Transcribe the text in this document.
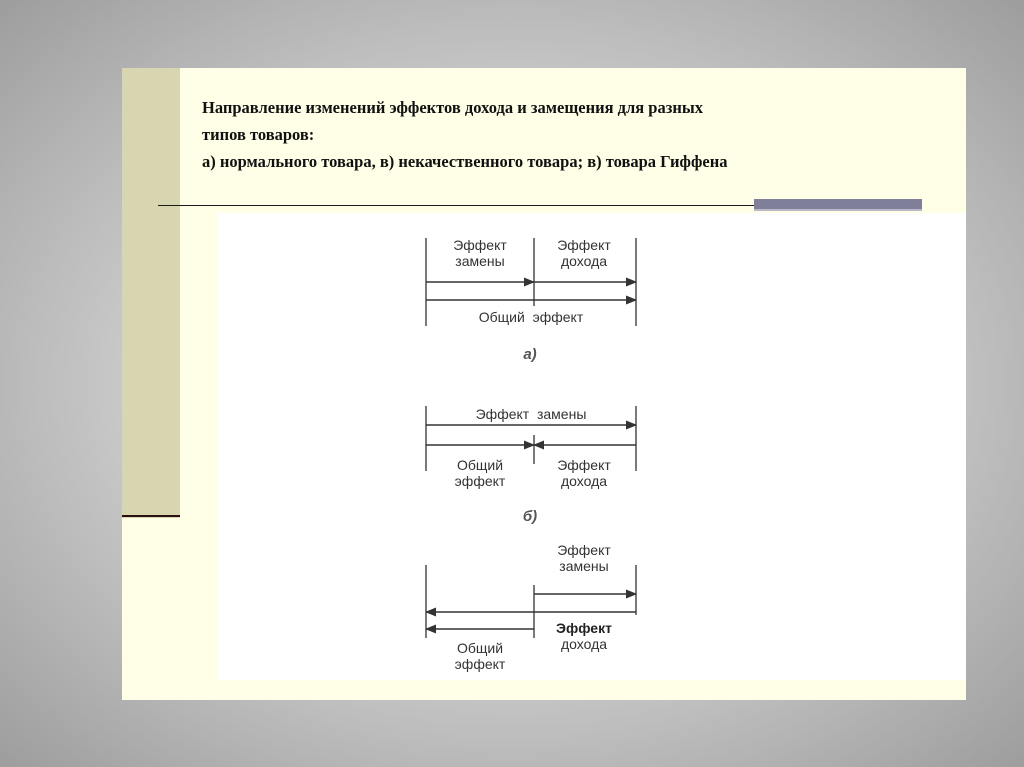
Направление изменений эффектов дохода и замещения для разных
типов товаров:
а) нормального товара, в) некачественного товара; в) товара Гиффена
Эффект
замены
Эффект
дохода
Общий  эффект
а)
Эффект  замены
Общий
эффект
Эффект
дохода
б)
Эффект
замены
Эффект
дохода
Общий
эффект
